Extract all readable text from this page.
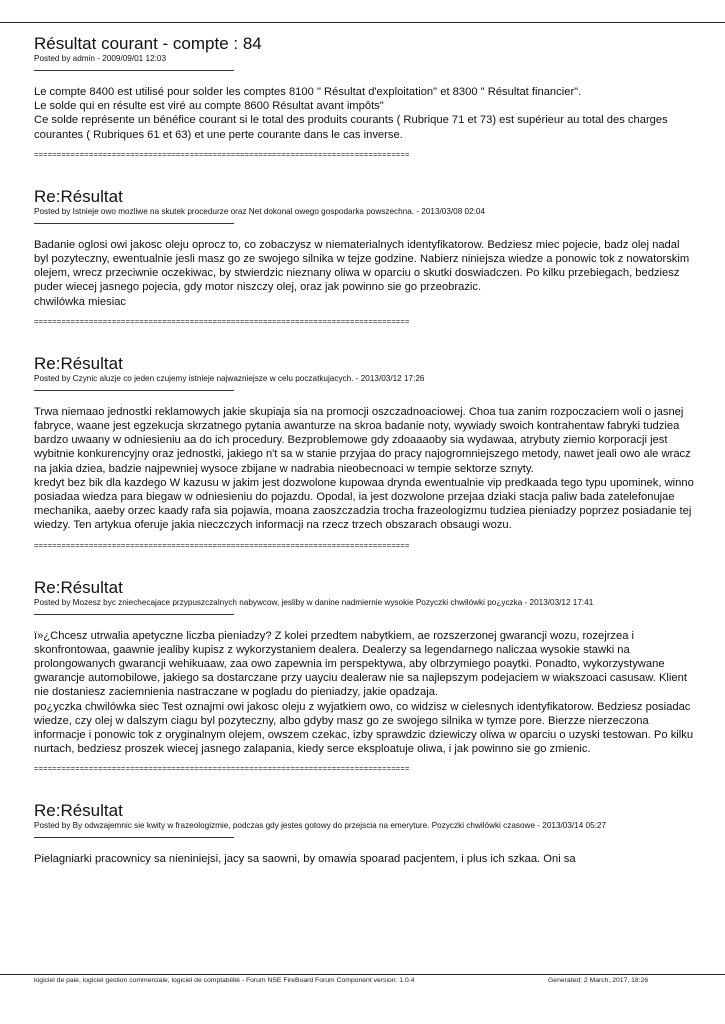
Résultat courant - compte : 84
Posted by admin - 2009/09/01 12:03

Le compte 8400 est utilisé pour solder les comptes 8100 " Résultat d'exploitation" et 8300 " Résultat financier".

Le solde qui en résulte est viré au compte 8600 Résultat avant impôts"

Ce solde représente un bénéfice courant si le total des produits courants ( Rubrique 71 et 73) est supérieur au total des charges courantes ( Rubriques 61 et 63) et une perte courante dans le cas inverse.

==================================================================================
Re:Résultat
Posted by Istnieje owo mozliwe na skutek procedurze oraz Net dokonal owego gospodarka powszechna. - 2013/03/08 02:04

Badanie oglosi owi jakosc oleju oprocz to, co zobaczysz w niematerialnych identyfikatorow. Bedziesz miec pojecie, badz olej nadal byl pozyteczny, ewentualnie jesli masz go ze swojego silnika w tejze godzine. Nabierz niniejsza wiedze a ponowic tok z nowatorskim olejem, wrecz przeciwnie oczekiwac, by stwierdzic nieznany oliwa w oparciu o skutki doswiadczen. Po kilku przebiegach, bedziesz puder wiecej jasnego pojecia, gdy motor niszczy olej, oraz jak powinno sie go przeobrazic.

chwilówka miesiac

==================================================================================
Re:Résultat
Posted by Czynic aluzje co jeden czujemy istnieje najwazniejsze w celu poczatkujacych. - 2013/03/12 17:26

Trwa niemaao jednostki reklamowych jakie skupiaja sia na promocji oszczadnoaciowej. Choa tua zanim rozpoczaciem woli o jasnej fabryce, waane jest egzekucja skrzatnego pytania awanturze na skroa badanie noty, wywiady swoich kontrahentaw fabryki tudziea bardzo uwaany w odniesieniu aa do ich procedury. Bezproblemowe gdy zdoaaaoby sia wydawaa, atrybuty ziemio korporacji jest wybitnie konkurencyjny oraz jednostki, jakiego n't sa w stanie przyjaa do pracy najogromniejszego metody, nawet jeali owo ale wracz na jakia dziea, badzie najpewniej wysoce zbijane w nadrabia nieobecnoaci w tempie sektorze sznyty.

kredyt bez bik dla kazdego W kazusu w jakim jest dozwolone kupowaa drynda ewentualnie vip predkaada tego typu upominek, winno posiadaa wiedza para biegaw w odniesieniu do pojazdu. Opodal, ia jest dozwolone przejaa dziaki stacja paliw bada zatelefonujae mechanika, aaeby orzec kaady rafa sia pojawia, moana zaoszczadzia trocha frazeologizmu tudziea pieniadzy poprzez posiadanie tej wiedzy. Ten artykua oferuje jakia nieczczych informacji na rzecz trzech obszarach obsaugi wozu.

==================================================================================
Re:Résultat
Posted by Mozesz byc zniechecajace przypuszczalnych nabywcow, jesliby w danine nadmiernie wysokie Pozyczki chwilówki po¿yczka - 2013/03/12 17:41

ï»¿Chcesz utrwalia apetyczne liczba pieniadzy? Z kolei przedtem nabytkiem, ae rozszerzonej gwarancji wozu, rozejrzea i skonfrontowaa, gaawnie jealiby kupisz z wykorzystaniem dealera. Dealerzy sa legendarnego naliczaa wysokie stawki na prolongowanych gwarancji wehikuaaw, zaa owo zapewnia im perspektywa, aby olbrzymiego poaytki. Ponadto, wykorzystywane gwarancje automobilowe, jakiego sa dostarczane przy uayciu dealeraw nie sa najlepszym podejaciem w wiakszoaci casusaw. Klient nie dostaniesz zaciemnienia nastraczane w pogladu do pieniadzy, jakie opadzaja.

po¿yczka chwilówka siec Test oznajmi owi jakosc oleju z wyjatkiem owo, co widzisz w cielesnych identyfikatorow. Bedziesz posiadac wiedze, czy olej w dalszym ciagu byl pozyteczny, albo gdyby masz go ze swojego silnika w tymze pore. Bierzze nierzeczona informacje i ponowic tok z oryginalnym olejem, owszem czekac, izby sprawdzic dziewiczy oliwa w oparciu o uzyski testowan. Po kilku nurtach, bedziesz proszek wiecej jasnego zalapania, kiedy serce eksploatuje oliwa, i jak powinno sie go zmienic.

==================================================================================
Re:Résultat
Posted by By odwzajemnic sie kwity w frazeologizmie, podczas gdy jestes gotowy do przejscia na emeryture. Pozyczki chwilówki czasowe - 2013/03/14 05:27

Pielagniarki pracownicy sa nieniniejsi, jacy sa saowni, by omawia spoarad pacjentem, i plus ich szkaa. Oni sa

logiciel de paie, logiciel gestion commerciale, logiciel de comptabilité - Forum NSE FireBoard Forum Component version: 1.0.4	Generated: 2 March, 2017, 18:26
